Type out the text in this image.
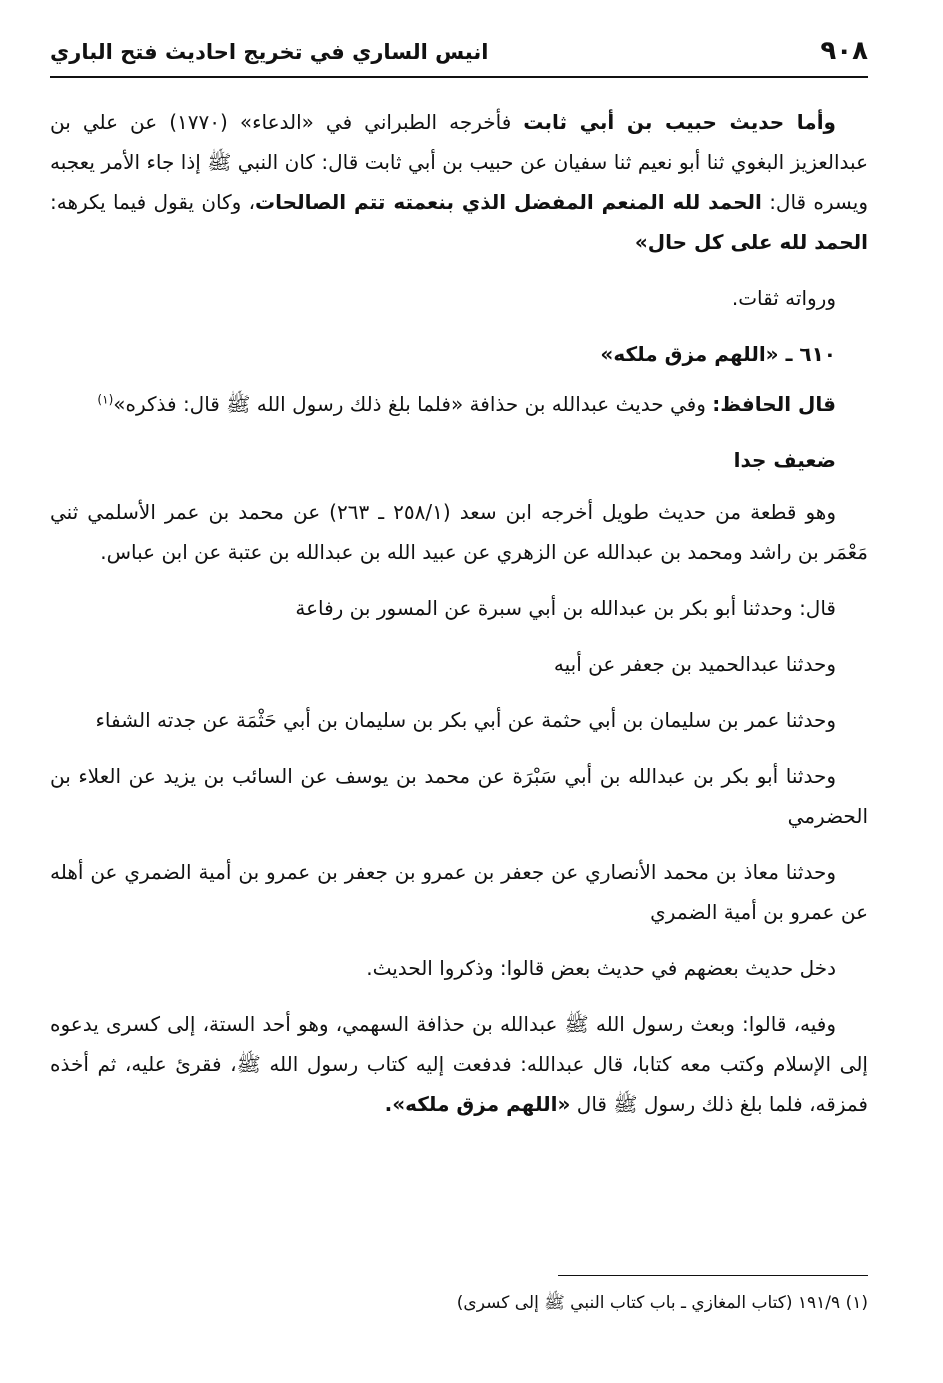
٩٠٨
انيس الساري في تخريج احاديث فتح الباري

وأما حديث حبيب بن أبي ثابت فأخرجه الطبراني في «الدعاء» (١٧٧٠) عن علي بن عبدالعزيز البغوي ثنا أبو نعيم ثنا سفيان عن حبيب بن أبي ثابت قال: كان النبي ﷺ إذا جاء الأمر يعجبه ويسره قال: الحمد لله المنعم المفضل الذي بنعمته تتم الصالحات، وكان يقول فيما يكرهه: الحمد لله على كل حال»

ورواته ثقات.

٦١٠ ـ «اللهم مزق ملكه»

قال الحافظ: وفي حديث عبدالله بن حذافة «فلما بلغ ذلك رسول الله ﷺ قال: فذكره»$^{(١)}$

ضعيف جدا

وهو قطعة من حديث طويل أخرجه ابن سعد (٢٥٨/١ ـ ٢٦٣) عن محمد بن عمر الأسلمي ثني مَعْمَر بن راشد ومحمد بن عبدالله عن الزهري عن عبيد الله بن عبدالله بن عتبة عن ابن عباس.

قال: وحدثنا أبو بكر بن عبدالله بن أبي سبرة عن المسور بن رفاعة

وحدثنا عبدالحميد بن جعفر عن أبيه

وحدثنا عمر بن سليمان بن أبي حثمة عن أبي بكر بن سليمان بن أبي حَثْمَة عن جدته الشفاء

وحدثنا أبو بكر بن عبدالله بن أبي سَبْرَة عن محمد بن يوسف عن السائب بن يزيد عن العلاء بن الحضرمي

وحدثنا معاذ بن محمد الأنصاري عن جعفر بن عمرو بن جعفر بن عمرو بن أمية الضمري عن أهله عن عمرو بن أمية الضمري

دخل حديث بعضهم في حديث بعض قالوا: وذكروا الحديث.

وفيه، قالوا: وبعث رسول الله ﷺ عبدالله بن حذافة السهمي، وهو أحد الستة، إلى كسرى يدعوه إلى الإسلام وكتب معه كتابا، قال عبدالله: فدفعت إليه كتاب رسول الله ﷺ، فقرئ عليه، ثم أخذه فمزقه، فلما بلغ ذلك رسول ﷺ قال «اللهم مزق ملكه».

(١) ١٩١/٩ (كتاب المغازي ـ باب كتاب النبي ﷺ إلى كسرى)
